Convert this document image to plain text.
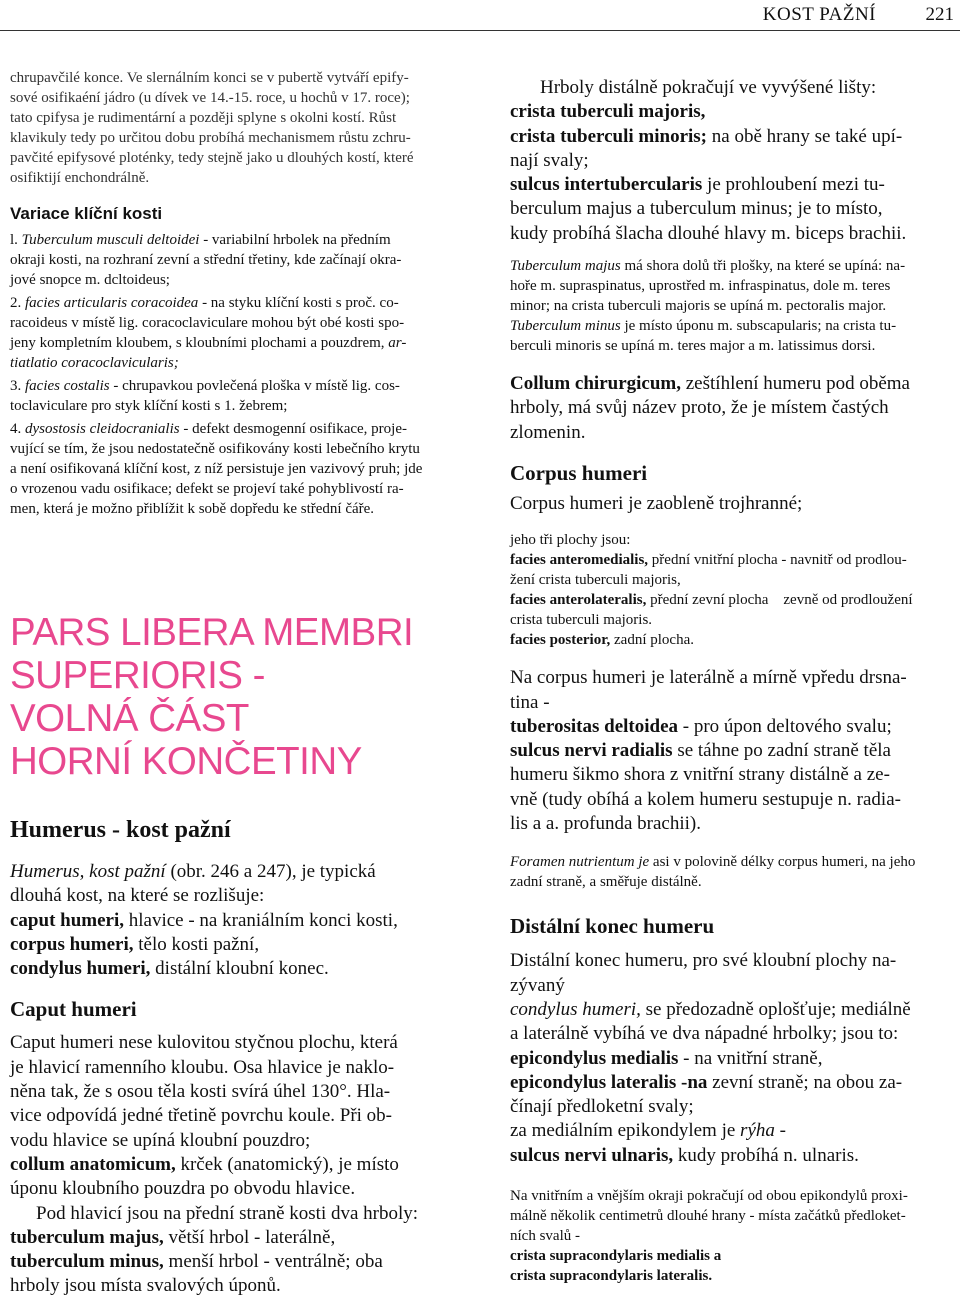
KOST PAŽNÍ	221

chrupavčilé konce. Ve slernálním konci se v pubertě vytváří epify-
sové osifikaéní jádro (u dívek ve 14.-15. roce, u hochů v 17. roce);
tato cpifysa je rudimentární a později splyne s okolni kostí. Růst
klavikuly tedy po určitou dobu probíhá mechanismem růstu zchru-
pavčité epifysové ploténky, tedy stejně jako u dlouhých kostí, které
osifiktijí enchondrálně.

Variace klíční kosti

l. Tuberculum musculi deltoidei - variabilní hrbolek na předním
okraji kosti, na rozhraní zevní a střední třetiny, kde začínají okra-
jové snopce m. dcltoideus;

2. facies articularis coracoidea - na styku klíční kosti s proč. co-
racoideus v místě lig. coracoclaviculare mohou být obé kosti spo-
jeny kompletním kloubem, s kloubními plochami a pouzdrem, ar-
tiatlatio coracoclavicularis;

3. facies costalis - chrupavkou povlečená ploška v místě lig. cos-
toclaviculare pro styk klíční kosti s 1. žebrem;

4. dysostosis cleidocranialis - defekt desmogenní osifikace, proje-
vující se tím, že jsou nedostatečně osifikovány kosti lebečního krytu
a není osifikovaná klíční kost, z níž persistuje jen vazivový pruh; jde
o vrozenou vadu osifikace; defekt se projeví také pohyblivostí ra-
men, která je možno přiblížit k sobě dopředu ke střední čáře.

PARS LIBERA MEMBRI
SUPERIORIS -
VOLNÁ ČÁST
HORNÍ KONČETINY
Humerus - kost pažní

Humerus, kost pažní (obr. 246 a 247), je typická
dlouhá kost, na které se rozlišuje:
caput humeri, hlavice - na kraniálním konci kosti,
corpus humeri, tělo kosti pažní,
condylus humeri, distální kloubní konec.

Caput humeri

Caput humeri nese kulovitou styčnou plochu, která
je hlavicí ramenního kloubu. Osa hlavice je naklo-
něna tak, že s osou těla kosti svírá úhel 130°. Hla-
vice odpovídá jedné třetině povrchu koule. Při ob-
vodu hlavice se upíná kloubní pouzdro;
collum anatomicum, krček (anatomický), je místo
úponu kloubního pouzdra po obvodu hlavice.
Pod hlavicí jsou na přední straně kosti dva hrboly:
tuberculum majus, větší hrbol - laterálně,
tuberculum minus, menší hrbol - ventrálně; oba
hrboly jsou místa svalových úponů.

Hrboly distálně pokračují ve vyvýšené lišty:
crista tuberculi majoris,
crista tuberculi minoris; na obě hrany se také upí-
nají svaly;
sulcus intertubercularis je prohloubení mezi tu-
berculum majus a tuberculum minus; je to místo,
kudy probíhá šlacha dlouhé hlavy m. biceps brachii.

Tuberculum majus má shora dolů tři plošky, na které se upíná: na-
hoře m. supraspinatus, uprostřed m. infraspinatus, dole m. teres
minor; na crista tuberculi majoris se upíná m. pectoralis major.
Tuberculum minus je místo úponu m. subscapularis; na crista tu-
berculi minoris se upíná m. teres major a m. latissimus dorsi.

Collum chirurgicum, zeštíhlení humeru pod oběma
hrboly, má svůj název proto, že je místem častých
zlomenin.

Corpus humeri

Corpus humeri je zaobleně trojhranné;

jeho tři plochy jsou:
facies anteromedialis, přední vnitřní plocha - navnitř od prodlou-
žení crista tuberculi majoris,
facies anterolateralis, přední zevní plocha    zevně od prodloužení
crista tuberculi majoris.
facies posterior, zadní plocha.

Na corpus humeri je laterálně a mírně vpředu drsna-
tina -
tuberositas deltoidea - pro úpon deltového svalu;
sulcus nervi radialis se táhne po zadní straně těla
humeru šikmo shora z vnitřní strany distálně a ze-
vně (tudy obíhá a kolem humeru sestupuje n. radia-
lis a a. profunda brachii).

Foramen nutrientum je asi v polovině délky corpus humeri, na jeho
zadní straně, a směřuje distálně.

Distální konec humeru

Distální konec humeru, pro své kloubní plochy na-
zývaný
condylus humeri, se předozadně oplošťuje; mediálně
a laterálně vybíhá ve dva nápadné hrbolky; jsou to:
epicondylus medialis - na vnitřní straně,
epicondylus lateralis -na zevní straně; na obou za-
čínají předloketní svaly;
za mediálním epikondylem je rýha -
sulcus nervi ulnaris, kudy probíhá n. ulnaris.

Na vnitřním a vnějším okraji pokračují od obou epikondylů proxi-
málně několik centimetrů dlouhé hrany - místa začátků předloket-
ních svalů -
crista supracondylaris medialis a
crista supracondylaris lateralis.
